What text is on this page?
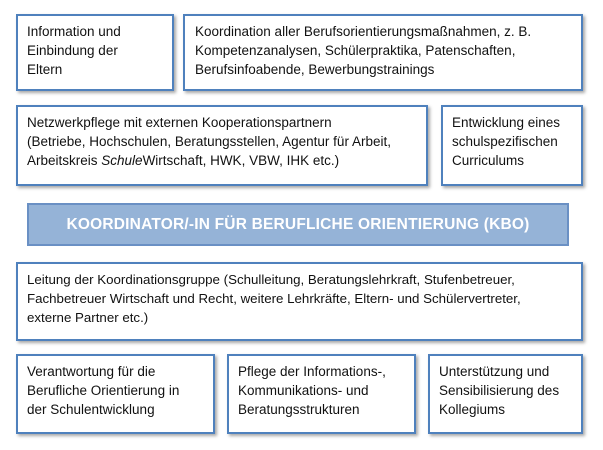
Information und
Einbindung der
Eltern
Koordination aller Berufsorientierungsmaßnahmen, z. B.
Kompetenzanalysen, Schülerpraktika, Patenschaften,
Berufsinfoabende, Bewerbungstrainings
Netzwerkpflege mit externen Kooperationspartnern
(Betriebe, Hochschulen, Beratungsstellen, Agentur für Arbeit,
Arbeitskreis SchuleWirtschaft, HWK, VBW, IHK etc.)
Entwicklung eines
schulspezifischen
Curriculums
KOORDINATOR/-IN FÜR BERUFLICHE ORIENTIERUNG (KBO)
Leitung der Koordinationsgruppe (Schulleitung, Beratungslehrkraft, Stufenbetreuer,
Fachbetreuer Wirtschaft und Recht, weitere Lehrkräfte, Eltern- und Schülervertreter,
externe Partner etc.)
Verantwortung für die
Berufliche Orientierung in
der Schulentwicklung
Pflege der Informations-,
Kommunikations- und
Beratungsstrukturen
Unterstützung und
Sensibilisierung des
Kollegiums
